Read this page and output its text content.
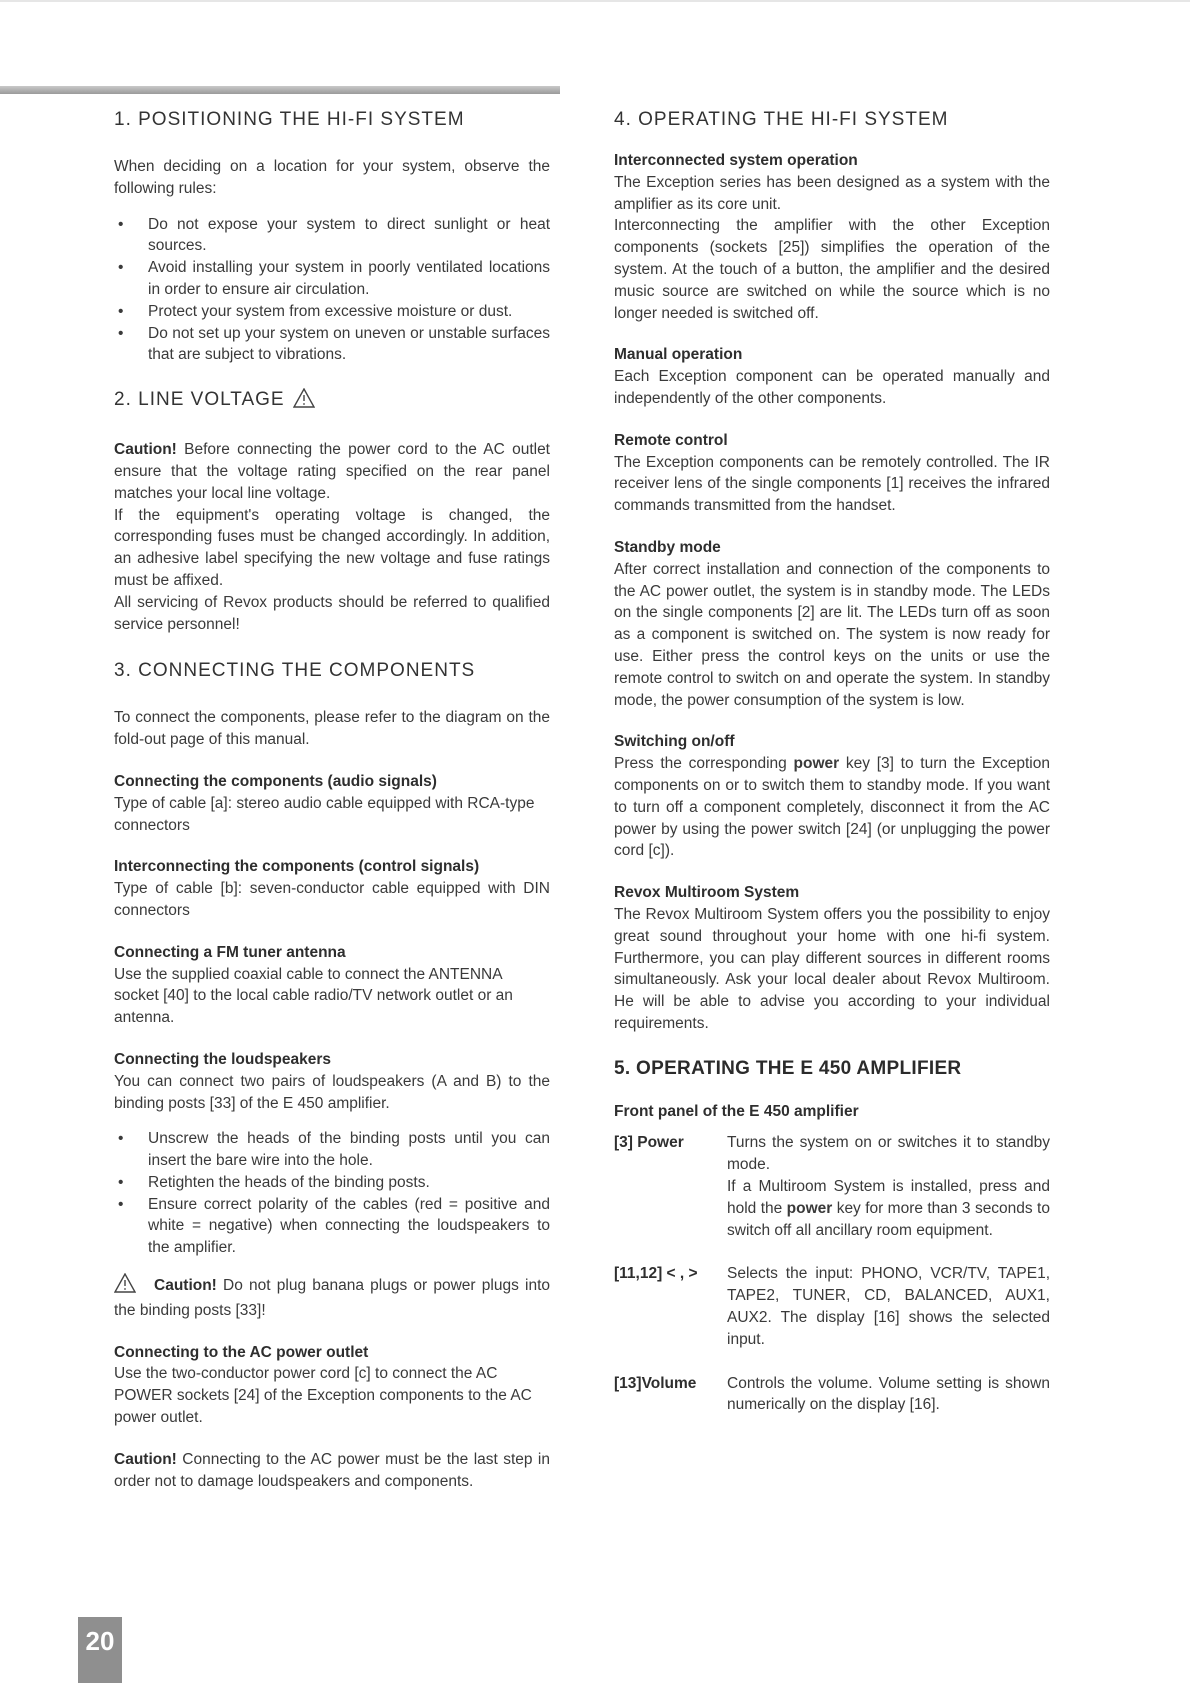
1. POSITIONING THE HI-FI SYSTEM

When deciding on a location for your system, observe the following rules:

• Do not expose your system to direct sunlight or heat sources.
• Avoid installing your system in poorly ventilated locations in order to ensure air circulation.
• Protect your system from excessive moisture or dust.
• Do not set up your system on uneven or unstable surfaces that are subject to vibrations.
2. LINE VOLTAGE

Caution! Before connecting the power cord to the AC outlet ensure that the voltage rating specified on the rear panel matches your local line voltage.

If the equipment's operating voltage is changed, the corresponding fuses must be changed accordingly. In addition, an adhesive label specifying the new voltage and fuse ratings must be affixed.

All servicing of Revox products should be referred to qualified service personnel!

3. CONNECTING THE COMPONENTS

To connect the components, please refer to the diagram on the fold-out page of this manual.

Connecting the components (audio signals)

Type of cable [a]: stereo audio cable equipped with RCA-type connectors

Interconnecting the components (control signals)

Type of cable [b]: seven-conductor cable equipped with DIN connectors

Connecting a FM tuner antenna

Use the supplied coaxial cable to connect the ANTENNA socket [40] to the local cable radio/TV network outlet or an antenna.

Connecting the loudspeakers

You can connect two pairs of loudspeakers (A and B) to the binding posts [33] of the E 450 amplifier.

• Unscrew the heads of the binding posts until you can insert the bare wire into the hole.
• Retighten the heads of the binding posts.
• Ensure correct polarity of the cables (red = positive and white = negative) when connecting the loudspeakers to the amplifier.

Caution! Do not plug banana plugs or power plugs into the binding posts [33]!

Connecting to the AC power outlet

Use the two-conductor power cord [c] to connect the AC POWER sockets [24] of the Exception components to the AC power outlet.

Caution! Connecting to the AC power must be the last step in order not to damage loudspeakers and components.

4. OPERATING THE HI-FI SYSTEM

Interconnected system operation

The Exception series has been designed as a system with the amplifier as its core unit.

Interconnecting the amplifier with the other Exception components (sockets [25]) simplifies the operation of the system. At the touch of a button, the amplifier and the desired music source are switched on while the source which is no longer needed is switched off.

Manual operation

Each Exception component can be operated manually and independently of the other components.

Remote control

The Exception components can be remotely controlled. The IR receiver lens of the single components [1] receives the infrared commands transmitted from the handset.

Standby mode

After correct installation and connection of the components to the AC power outlet, the system is in standby mode. The LEDs on the single components [2] are lit. The LEDs turn off as soon as a component is switched on. The system is now ready for use. Either press the control keys on the units or use the remote control to switch on and operate the system. In standby mode, the power consumption of the system is low.

Switching on/off

Press the corresponding power key [3] to turn the Exception components on or to switch them to standby mode. If you want to turn off a component completely, disconnect it from the AC power by using the power switch [24] (or unplugging the power cord [c]).

Revox Multiroom System

The Revox Multiroom System offers you the possibility to enjoy great sound throughout your home with one hi-fi system. Furthermore, you can play different sources in different rooms simultaneously. Ask your local dealer about Revox Multiroom. He will be able to advise you according to your individual requirements.

5. OPERATING THE E 450 AMPLIFIER

Front panel of the E 450 amplifier

[3] Power	Turns the system on or switches it to standby mode.

If a Multiroom System is installed, press and hold the power key for more than 3 seconds to switch off all ancillary room equipment.

[11,12] < , >	Selects the input: PHONO, VCR/TV, TAPE1, TAPE2, TUNER, CD, BALANCED, AUX1, AUX2. The display [16] shows the selected input.
[13]Volume	Controls the volume. Volume setting is shown numerically on the display [16].
20
